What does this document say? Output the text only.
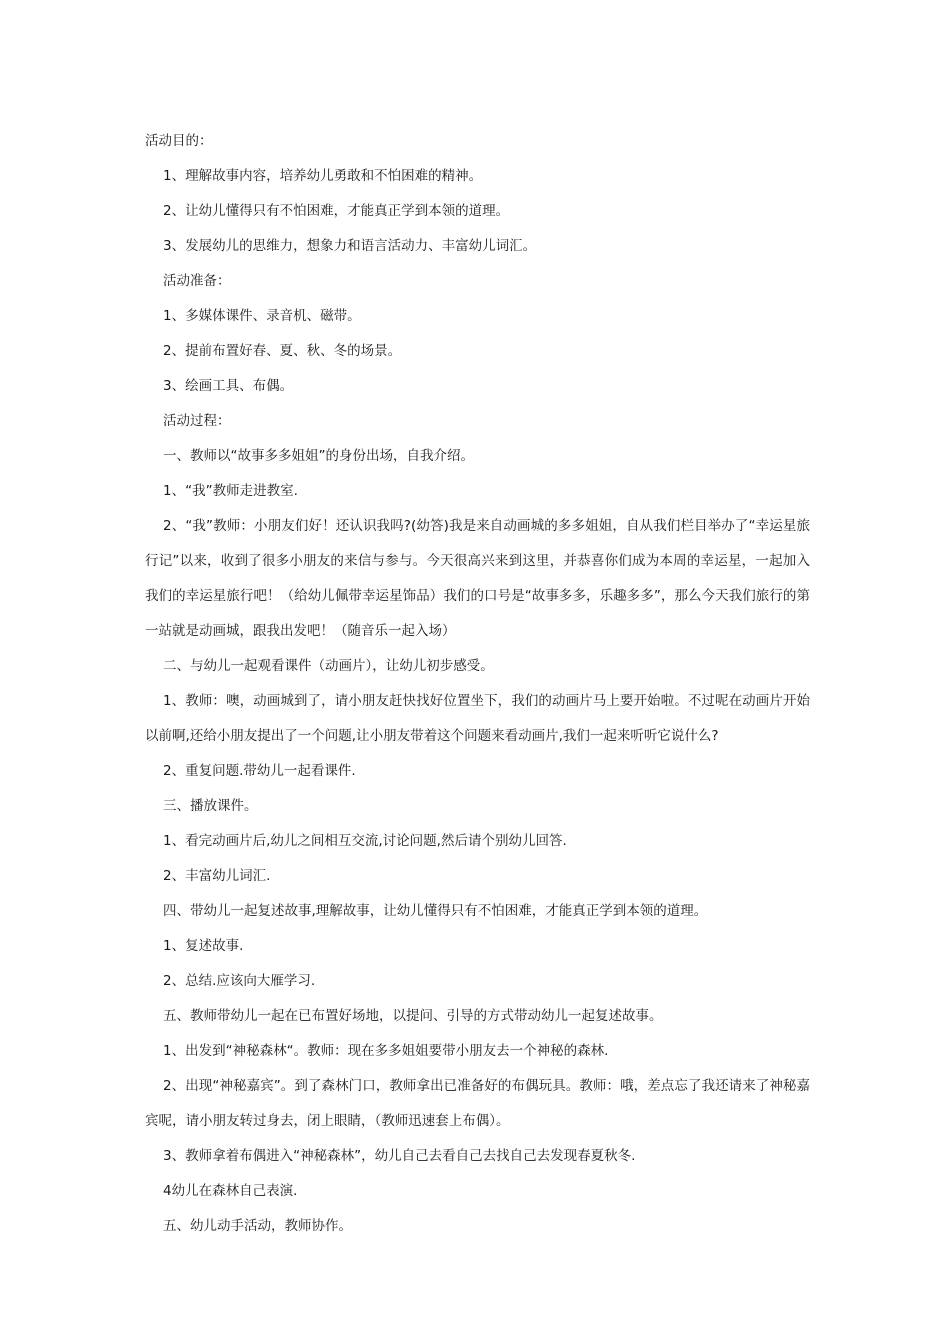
活动目的：

1、理解故事内容，培养幼儿勇敢和不怕困难的精神。

2、让幼儿懂得只有不怕困难，才能真正学到本领的道理。

3、发展幼儿的思维力，想象力和语言活动力、丰富幼儿词汇。

活动准备：

1、多媒体课件、录音机、磁带。

2、提前布置好春、夏、秋、冬的场景。

3、绘画工具、布偶。

活动过程：

一、教师以“故事多多姐姐”的身份出场，自我介绍。

1、“我”教师走进教室.

2、“我”教师：小朋友们好！还认识我吗?(幼答)我是来自动画城的多多姐姐，自从我们栏目举办了“幸运星旅行记”以来，收到了很多小朋友的来信与参与。今天很高兴来到这里，并恭喜你们成为本周的幸运星，一起加入我们的幸运星旅行吧！（给幼儿佩带幸运星饰品）我们的口号是“故事多多，乐趣多多”，那么今天我们旅行的第一站就是动画城，跟我出发吧！（随音乐一起入场）

二、与幼儿一起观看课件（动画片），让幼儿初步感受。

1、教师：噢，动画城到了，请小朋友赶快找好位置坐下，我们的动画片马上要开始啦。不过呢在动画片开始以前啊,还给小朋友提出了一个问题,让小朋友带着这个问题来看动画片,我们一起来听听它说什么?

2、重复问题.带幼儿一起看课件.

三、播放课件。

1、看完动画片后,幼儿之间相互交流,讨论问题,然后请个别幼儿回答.

2、丰富幼儿词汇.

四、带幼儿一起复述故事,理解故事，让幼儿懂得只有不怕困难，才能真正学到本领的道理。

1、复述故事.

2、总结.应该向大雁学习.

五、教师带幼儿一起在已布置好场地，以提问、引导的方式带动幼儿一起复述故事。

1、出发到“神秘森林“。教师：现在多多姐姐要带小朋友去一个神秘的森林.

2、出现“神秘嘉宾”。到了森林门口，教师拿出已准备好的布偶玩具。教师：哦，差点忘了我还请来了神秘嘉宾呢，请小朋友转过身去，闭上眼睛，（教师迅速套上布偶）。

3、教师拿着布偶进入“神秘森林”，幼儿自己去看自己去找自己去发现春夏秋冬.

4幼儿在森林自己表演.

五、幼儿动手活动，教师协作。
